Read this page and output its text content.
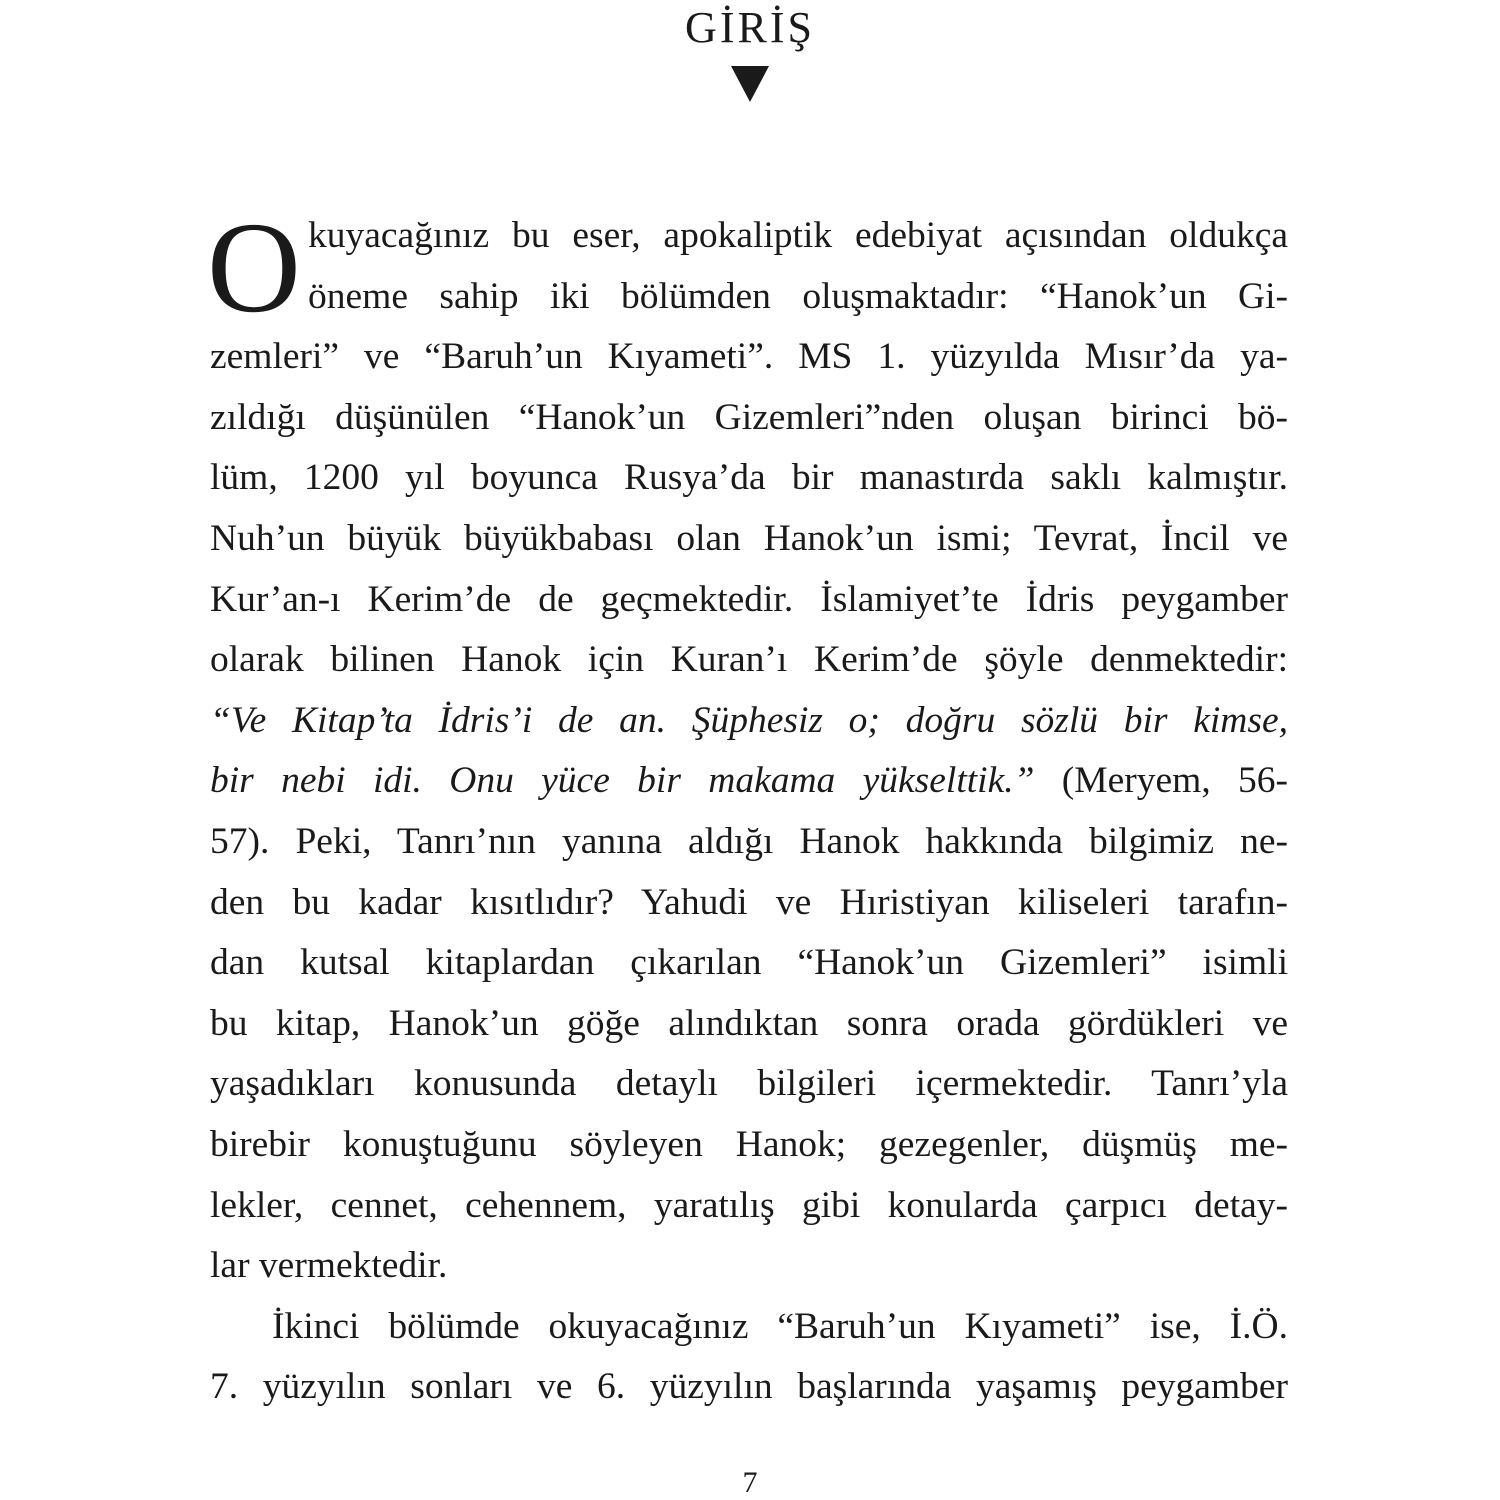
GİRİŞ
O kuyacağınız bu eser, apokaliptik edebiyat açısından oldukça
öneme sahip iki bölümden oluşmaktadır: “Hanok’un Gi-
zemleri” ve “Baruh’un Kıyameti”. MS 1. yüzyılda Mısır’da ya-
zıldığı düşünülen “Hanok’un Gizemleri”nden oluşan birinci bö-
lüm, 1200 yıl boyunca Rusya’da bir manastırda saklı kalmıştır.
Nuh’un büyük büyükbabası olan Hanok’un ismi; Tevrat, İncil ve
Kur’an-ı Kerim’de de geçmektedir. İslamiyet’te İdris peygamber
olarak bilinen Hanok için Kuran’ı Kerim’de şöyle denmektedir:
“Ve Kitap’ta İdris’i de an. Şüphesiz o; doğru sözlü bir kimse,
bir nebi idi. Onu yüce bir makama yükselttik.” (Meryem, 56-
57). Peki, Tanrı’nın yanına aldığı Hanok hakkında bilgimiz ne-
den bu kadar kısıtlıdır? Yahudi ve Hıristiyan kiliseleri tarafın-
dan kutsal kitaplardan çıkarılan “Hanok’un Gizemleri” isimli
bu kitap, Hanok’un göğe alındıktan sonra orada gördükleri ve
yaşadıkları konusunda detaylı bilgileri içermektedir. Tanrı’yla
birebir konuştuğunu söyleyen Hanok; gezegenler, düşmüş me-
lekler, cennet, cehennem, yaratılış gibi konularda çarpıcı detay-
lar vermektedir.
İkinci bölümde okuyacağınız “Baruh’un Kıyameti” ise, İ.Ö.
7. yüzyılın sonları ve 6. yüzyılın başlarında yaşamış peygamber
7
